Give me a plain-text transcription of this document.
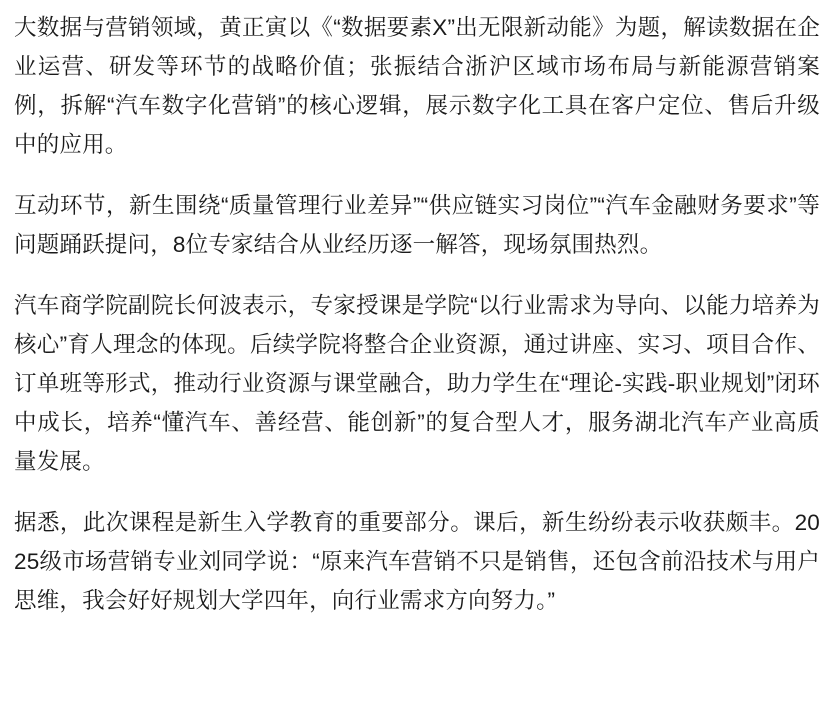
大数据与营销领域，黄正寅以《“数据要素X”出无限新动能》为题，解读数据在企业运营、研发等环节的战略价值；张振结合浙沪区域市场布局与新能源营销案例，拆解“汽车数字化营销”的核心逻辑，展示数字化工具在客户定位、售后升级中的应用。

互动环节，新生围绕“质量管理行业差异”“供应链实习岗位”“汽车金融财务要求”等问题踊跃提问，8位专家结合从业经历逐一解答，现场氛围热烈。

汽车商学院副院长何波表示，专家授课是学院“以行业需求为导向、以能力培养为核心”育人理念的体现。后续学院将整合企业资源，通过讲座、实习、项目合作、订单班等形式，推动行业资源与课堂融合，助力学生在“理论-实践-职业规划”闭环中成长，培养“懂汽车、善经营、能创新”的复合型人才，服务湖北汽车产业高质量发展。

据悉，此次课程是新生入学教育的重要部分。课后，新生纷纷表示收获颇丰。2025级市场营销专业刘同学说：“原来汽车营销不只是销售，还包含前沿技术与用户思维，我会好好规划大学四年，向行业需求方向努力。”
